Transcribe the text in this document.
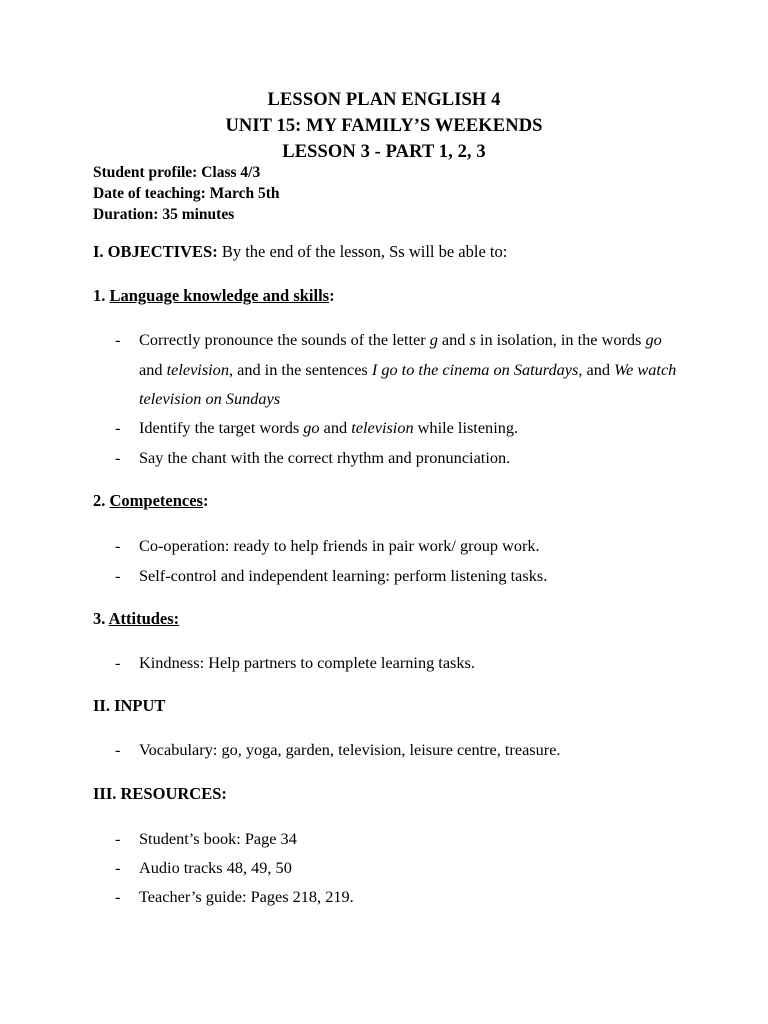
LESSON PLAN ENGLISH 4
UNIT 15: MY FAMILY’S WEEKENDS
LESSON 3 - PART 1, 2, 3
Student profile: Class 4/3
Date of teaching: March 5th
Duration: 35 minutes
I. OBJECTIVES: By the end of the lesson, Ss will be able to:
1. Language knowledge and skills:
- Correctly pronounce the sounds of the letter g and s in isolation, in the words go and television, and in the sentences I go to the cinema on Saturdays, and We watch television on Sundays
- Identify the target words go and television while listening.
- Say the chant with the correct rhythm and pronunciation.
2. Competences:
- Co-operation: ready to help friends in pair work/ group work.
- Self-control and independent learning: perform listening tasks.
3. Attitudes:
- Kindness: Help partners to complete learning tasks.
II. INPUT
- Vocabulary: go, yoga, garden, television, leisure centre, treasure.
III. RESOURCES:
- Student’s book: Page 34
- Audio tracks 48, 49, 50
- Teacher’s guide: Pages 218, 219.
